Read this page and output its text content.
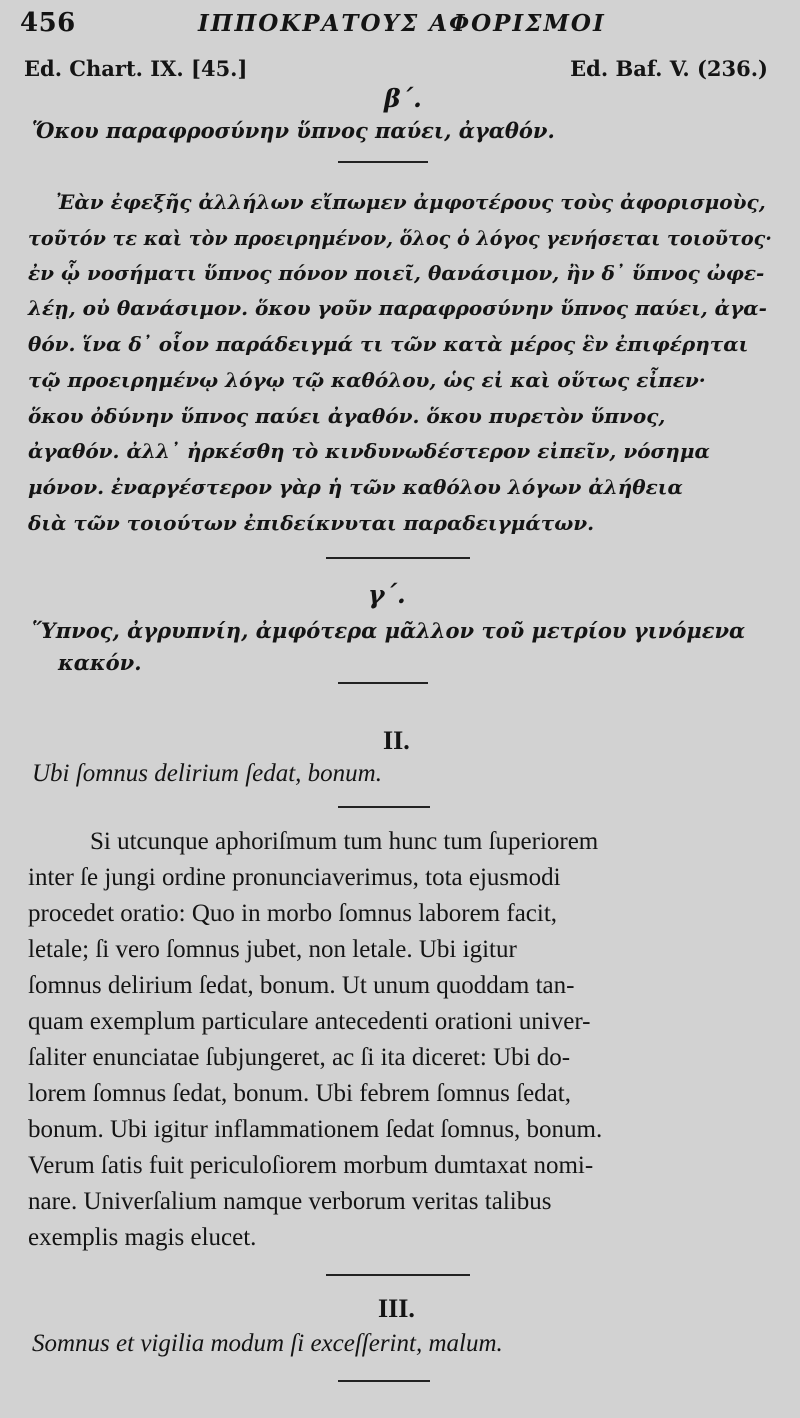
456	ΙΠΠΟΚΡΑΤΟΥΣ ΑΦΟΡΙΣΜΟΙ
Ed. Chart. IX. [45.]	Ed. Baf. V. (236.)
β΄.
Ὅκου παραφροσύνην ὕπνος παύει, ἀγαθόν.
Ἐὰν ἐφεξῆς ἀλλήλων εἴπωμεν ἀμφοτέρους τοὺς ἀφορισμοὺς,
τοῦτόν τε καὶ τὸν προειρημένον, ὅλος ὁ λόγος γενήσεται τοιοῦτος·
ἐν ᾧ νοσήματι ὕπνος πόνον ποιεῖ, θανάσιμον, ἢν δ᾽ ὕπνος ὠφε-
λέῃ, οὐ θανάσιμον. ὅκου γοῦν παραφροσύνην ὕπνος παύει, ἀγα-
θόν. ἵνα δ᾽ οἷον παράδειγμά τι τῶν κατὰ μέρος ἓν ἐπιφέρηται
τῷ προειρημένῳ λόγῳ τῷ καθόλου, ὡς εἰ καὶ οὕτως εἶπεν·
ὅκου ὀδύνην ὕπνος παύει ἀγαθόν. ὅκου πυρετὸν ὕπνος,
ἀγαθόν. ἀλλ᾽ ἠρκέσθη τὸ κινδυνωδέστερον εἰπεῖν, νόσημα
μόνον. ἐναργέστερον γὰρ ἡ τῶν καθόλου λόγων ἀλήθεια
διὰ τῶν τοιούτων ἐπιδείκνυται παραδειγμάτων.
γ΄.
Ὕπνος, ἀγρυπνίη, ἀμφότερα μᾶλλον τοῦ μετρίου γινόμενα
κακόν.
II.
Ubi ſomnus delirium ſedat, bonum.
Si utcunque aphoriſmum tum hunc tum ſuperiorem
inter ſe jungi ordine pronunciaverimus, tota ejusmodi
procedet oratio: Quo in morbo ſomnus laborem facit,
letale; ſi vero ſomnus jubet, non letale. Ubi igitur
ſomnus delirium ſedat, bonum. Ut unum quoddam tan-
quam exemplum particulare antecedenti orationi univer-
ſaliter enunciatae ſubjungeret, ac ſi ita diceret: Ubi do-
lorem ſomnus ſedat, bonum. Ubi febrem ſomnus ſedat,
bonum. Ubi igitur inflammationem ſedat ſomnus, bonum.
Verum ſatis fuit periculoſiorem morbum dumtaxat nomi-
nare. Univerſalium namque verborum veritas talibus
exemplis magis elucet.
III.
Somnus et vigilia modum ſi exceſſerint, malum.
